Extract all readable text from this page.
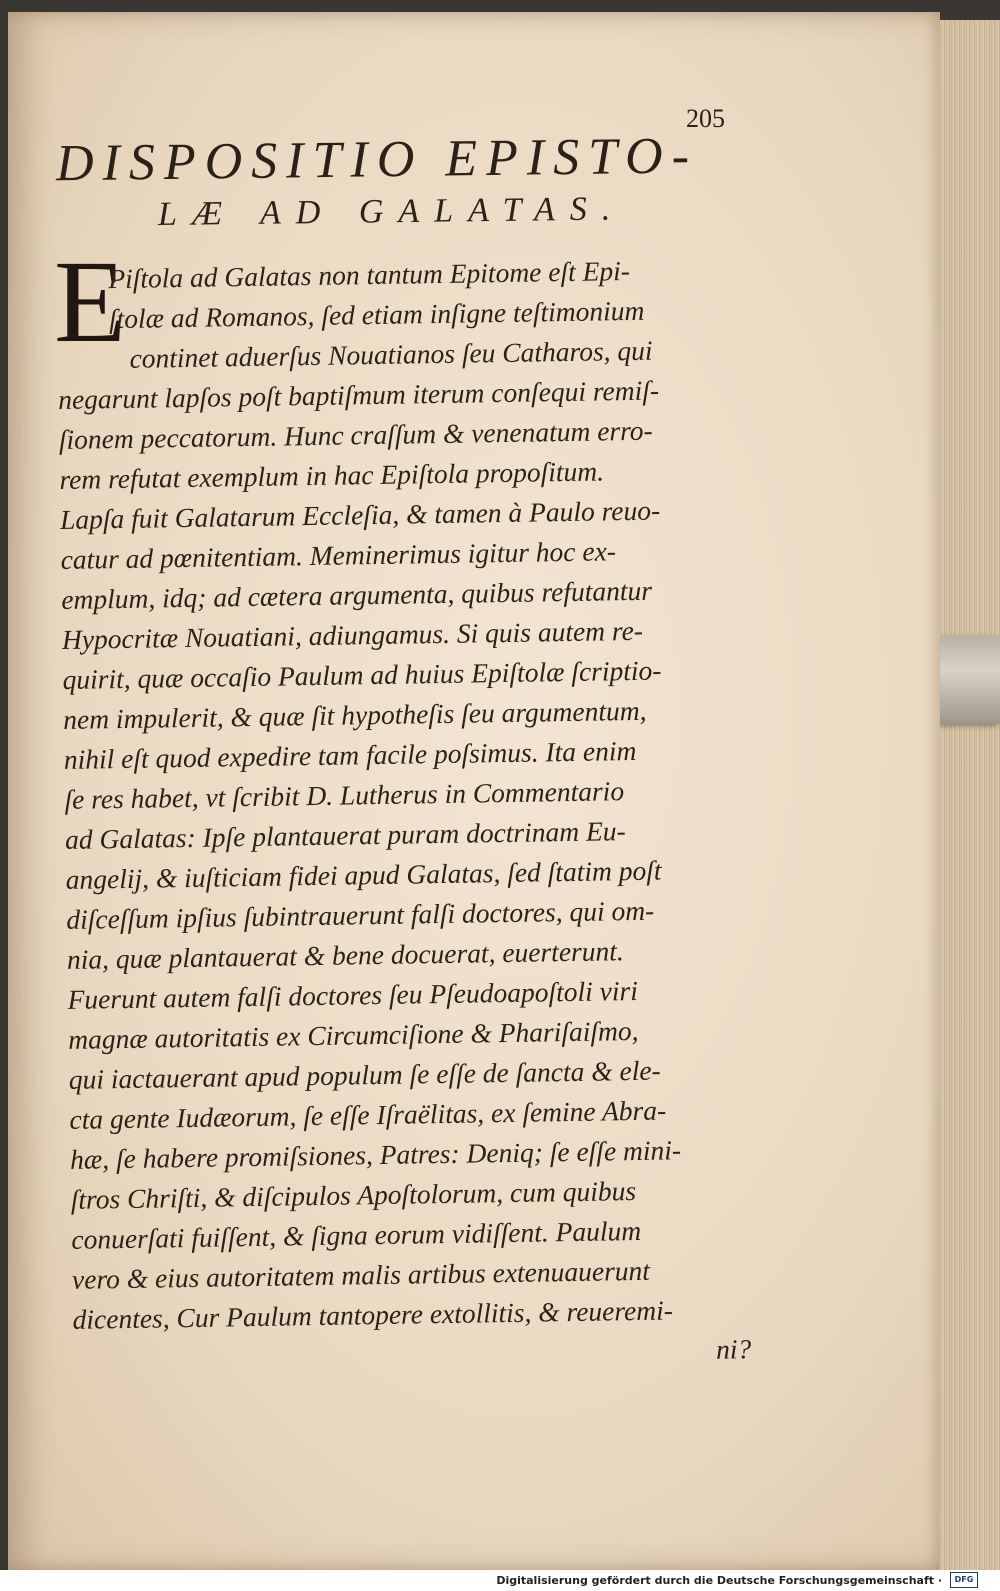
205
DISPOSITIO EPISTO-
LÆ AD GALATAS.
E
Piſtola ad Galatas non tantum Epitome eſt Epi-
ſtolæ ad Romanos, ſed etiam inſigne teſtimonium
continet aduerſus Nouatianos ſeu Catharos, qui
negarunt lapſos poſt baptiſmum iterum conſequi remiſ-
ſionem peccatorum. Hunc craſſum & venenatum erro-
rem refutat exemplum in hac Epiſtola propoſitum.
Lapſa fuit Galatarum Eccleſia, & tamen à Paulo reuo-
catur ad pœnitentiam. Meminerimus igitur hoc ex-
emplum, idq; ad cætera argumenta, quibus refutantur
Hypocritæ Nouatiani, adiungamus. Si quis autem re-
quirit, quæ occaſio Paulum ad huius Epiſtolæ ſcriptio-
nem impulerit, & quæ ſit hypotheſis ſeu argumentum,
nihil eſt quod expedire tam facile poſsimus. Ita enim
ſe res habet, vt ſcribit D. Lutherus in Commentario
ad Galatas: Ipſe plantauerat puram doctrinam Eu-
angelij, & iuſticiam fidei apud Galatas, ſed ſtatim poſt
diſceſſum ipſius ſubintrauerunt falſi doctores, qui om-
nia, quæ plantauerat & bene docuerat, euerterunt.
Fuerunt autem falſi doctores ſeu Pſeudoapoſtoli viri
magnæ autoritatis ex Circumciſione & Phariſaiſmo,
qui iactauerant apud populum ſe eſſe de ſancta & ele-
cta gente Iudæorum, ſe eſſe Iſraëlitas, ex ſemine Abra-
hæ, ſe habere promiſsiones, Patres: Deniq; ſe eſſe mini-
ſtros Chriſti, & diſcipulos Apoſtolorum, cum quibus
conuerſati fuiſſent, & ſigna eorum vidiſſent. Paulum
vero & eius autoritatem malis artibus extenuauerunt
dicentes, Cur Paulum tantopere extollitis, & reueremi-
ni?
Digitalisierung gefördert durch die Deutsche Forschungsgemeinschaft · DFG
